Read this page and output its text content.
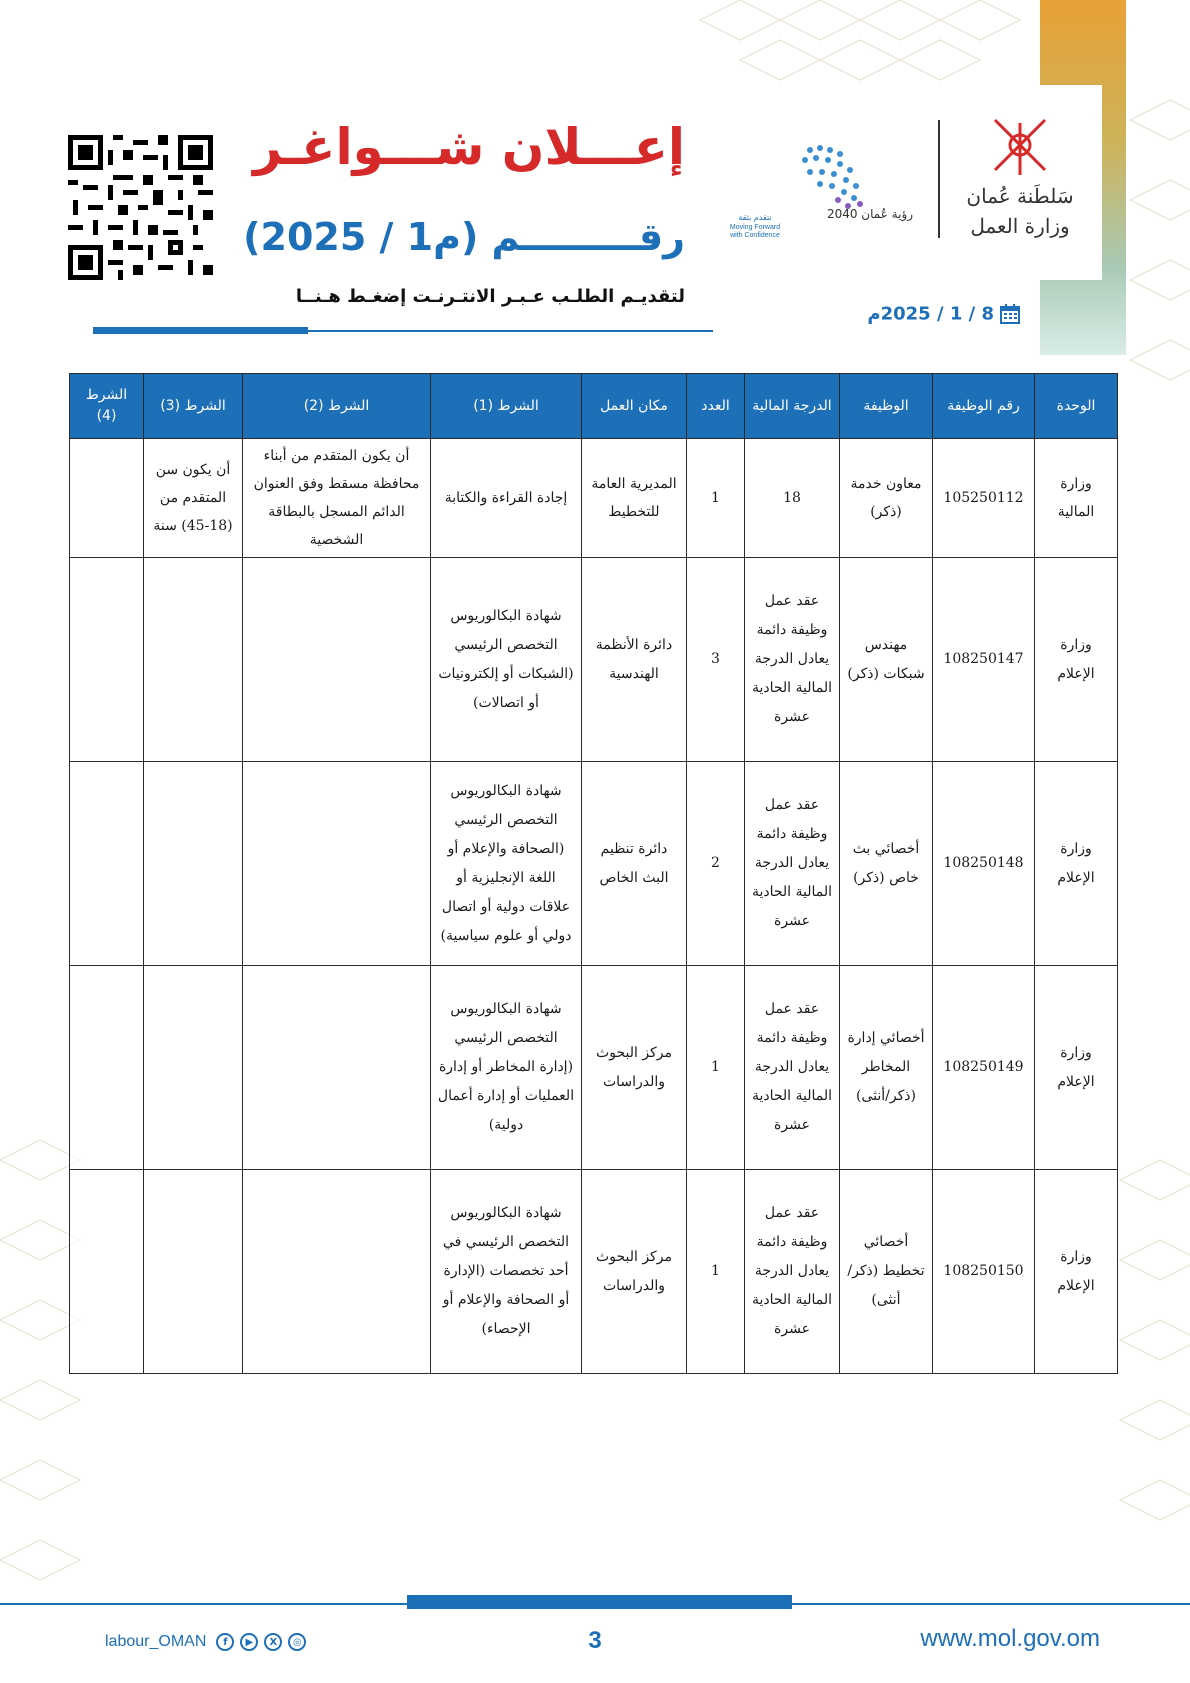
سَلطَنة عُمان
وزارة العمل
رؤية عُمان 2040
نتقدم بثقة
Moving Forward
with Confidence
إعـــلان شـــواغـر
رقـــــــــم (م1 / 2025)
لتقديـم الطلـب عـبـر الانتـرنـت إضغـط هـنــا
8 / 1 / 2025م
الوحدة	رقم الوظيفة	الوظيفة	الدرجة المالية	العدد	مكان العمل	الشرط (1)	الشرط (2)	الشرط (3)	الشرط (4)
وزارة المالية	105250112	معاون خدمة (ذكر)	18	1	المديرية العامة للتخطيط	إجادة القراءة والكتابة	أن يكون المتقدم من أبناء محافظة مسقط وفق العنوان الدائم المسجل بالبطاقة الشخصية	أن يكون سن المتقدم من (18-45) سنة	
وزارة الإعلام	108250147	مهندس شبكات (ذكر)	عقد عمل وظيفة دائمة يعادل الدرجة المالية الحادية عشرة	3	دائرة الأنظمة الهندسية	شهادة البكالوريوس التخصص الرئيسي (الشبكات أو إلكترونيات أو اتصالات)			
وزارة الإعلام	108250148	أخصائي بث خاص (ذكر)	عقد عمل وظيفة دائمة يعادل الدرجة المالية الحادية عشرة	2	دائرة تنظيم البث الخاص	شهادة البكالوريوس التخصص الرئيسي (الصحافة والإعلام أو اللغة الإنجليزية أو علاقات دولية أو اتصال دولي أو علوم سياسية)			
وزارة الإعلام	108250149	أخصائي إدارة المخاطر (ذكر/أنثى)	عقد عمل وظيفة دائمة يعادل الدرجة المالية الحادية عشرة	1	مركز البحوث والدراسات	شهادة البكالوريوس التخصص الرئيسي (إدارة المخاطر أو إدارة العمليات أو إدارة أعمال دولية)			
وزارة الإعلام	108250150	أخصائي تخطيط (ذكر/أنثى)	عقد عمل وظيفة دائمة يعادل الدرجة المالية الحادية عشرة	1	مركز البحوث والدراسات	شهادة البكالوريوس التخصص الرئيسي في أحد تخصصات (الإدارة أو الصحافة والإعلام أو الإحصاء)			
www.mol.gov.om
3
labour_OMAN	f	▶	X	◎
